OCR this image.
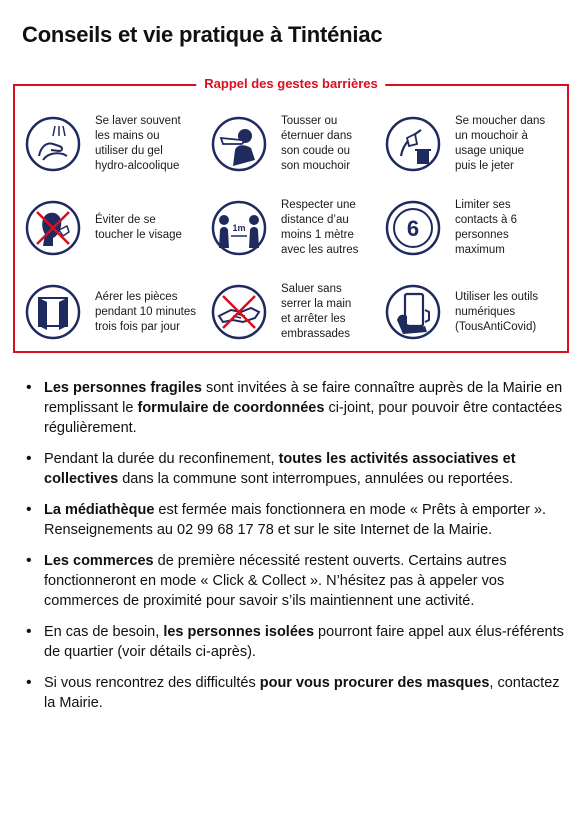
Conseils et vie pratique à Tinténiac
Rappel des gestes barrières
Se laver souvent
les mains ou
utiliser du gel
hydro-alcoolique
Tousser ou
éternuer dans
son coude ou
son mouchoir
Se moucher dans
un mouchoir à
usage unique
puis le jeter
Éviter de se
toucher le visage
1m
Respecter une
distance d’au
moins 1 mètre
avec les autres
6
Limiter ses
contacts à 6
personnes
maximum
Aérer les pièces
pendant 10 minutes
trois fois par jour
Saluer sans
serrer la main
et arrêter les
embrassades
Utiliser les outils
numériques
(TousAntiCovid)
• Les personnes fragiles sont invitées à se faire connaître auprès de la Mairie en remplissant le formulaire de coordonnées ci-joint, pour pouvoir être contactées régulièrement.
• Pendant la durée du reconfinement, toutes les activités associatives et collectives dans la commune sont interrompues, annulées ou reportées.
• La médiathèque est fermée mais fonctionnera en mode « Prêts à emporter ». Renseignements au 02 99 68 17 78 et sur le site Internet de la Mairie.
• Les commerces de première nécessité restent ouverts. Certains autres fonctionneront en mode « Click & Collect ». N’hésitez pas à appeler vos commerces de proximité pour savoir s’ils maintiennent une activité.
• En cas de besoin, les personnes isolées pourront faire appel aux élus-référents de quartier (voir détails ci-après).
• Si vous rencontrez des difficultés pour vous procurer des masques, contactez la Mairie.
